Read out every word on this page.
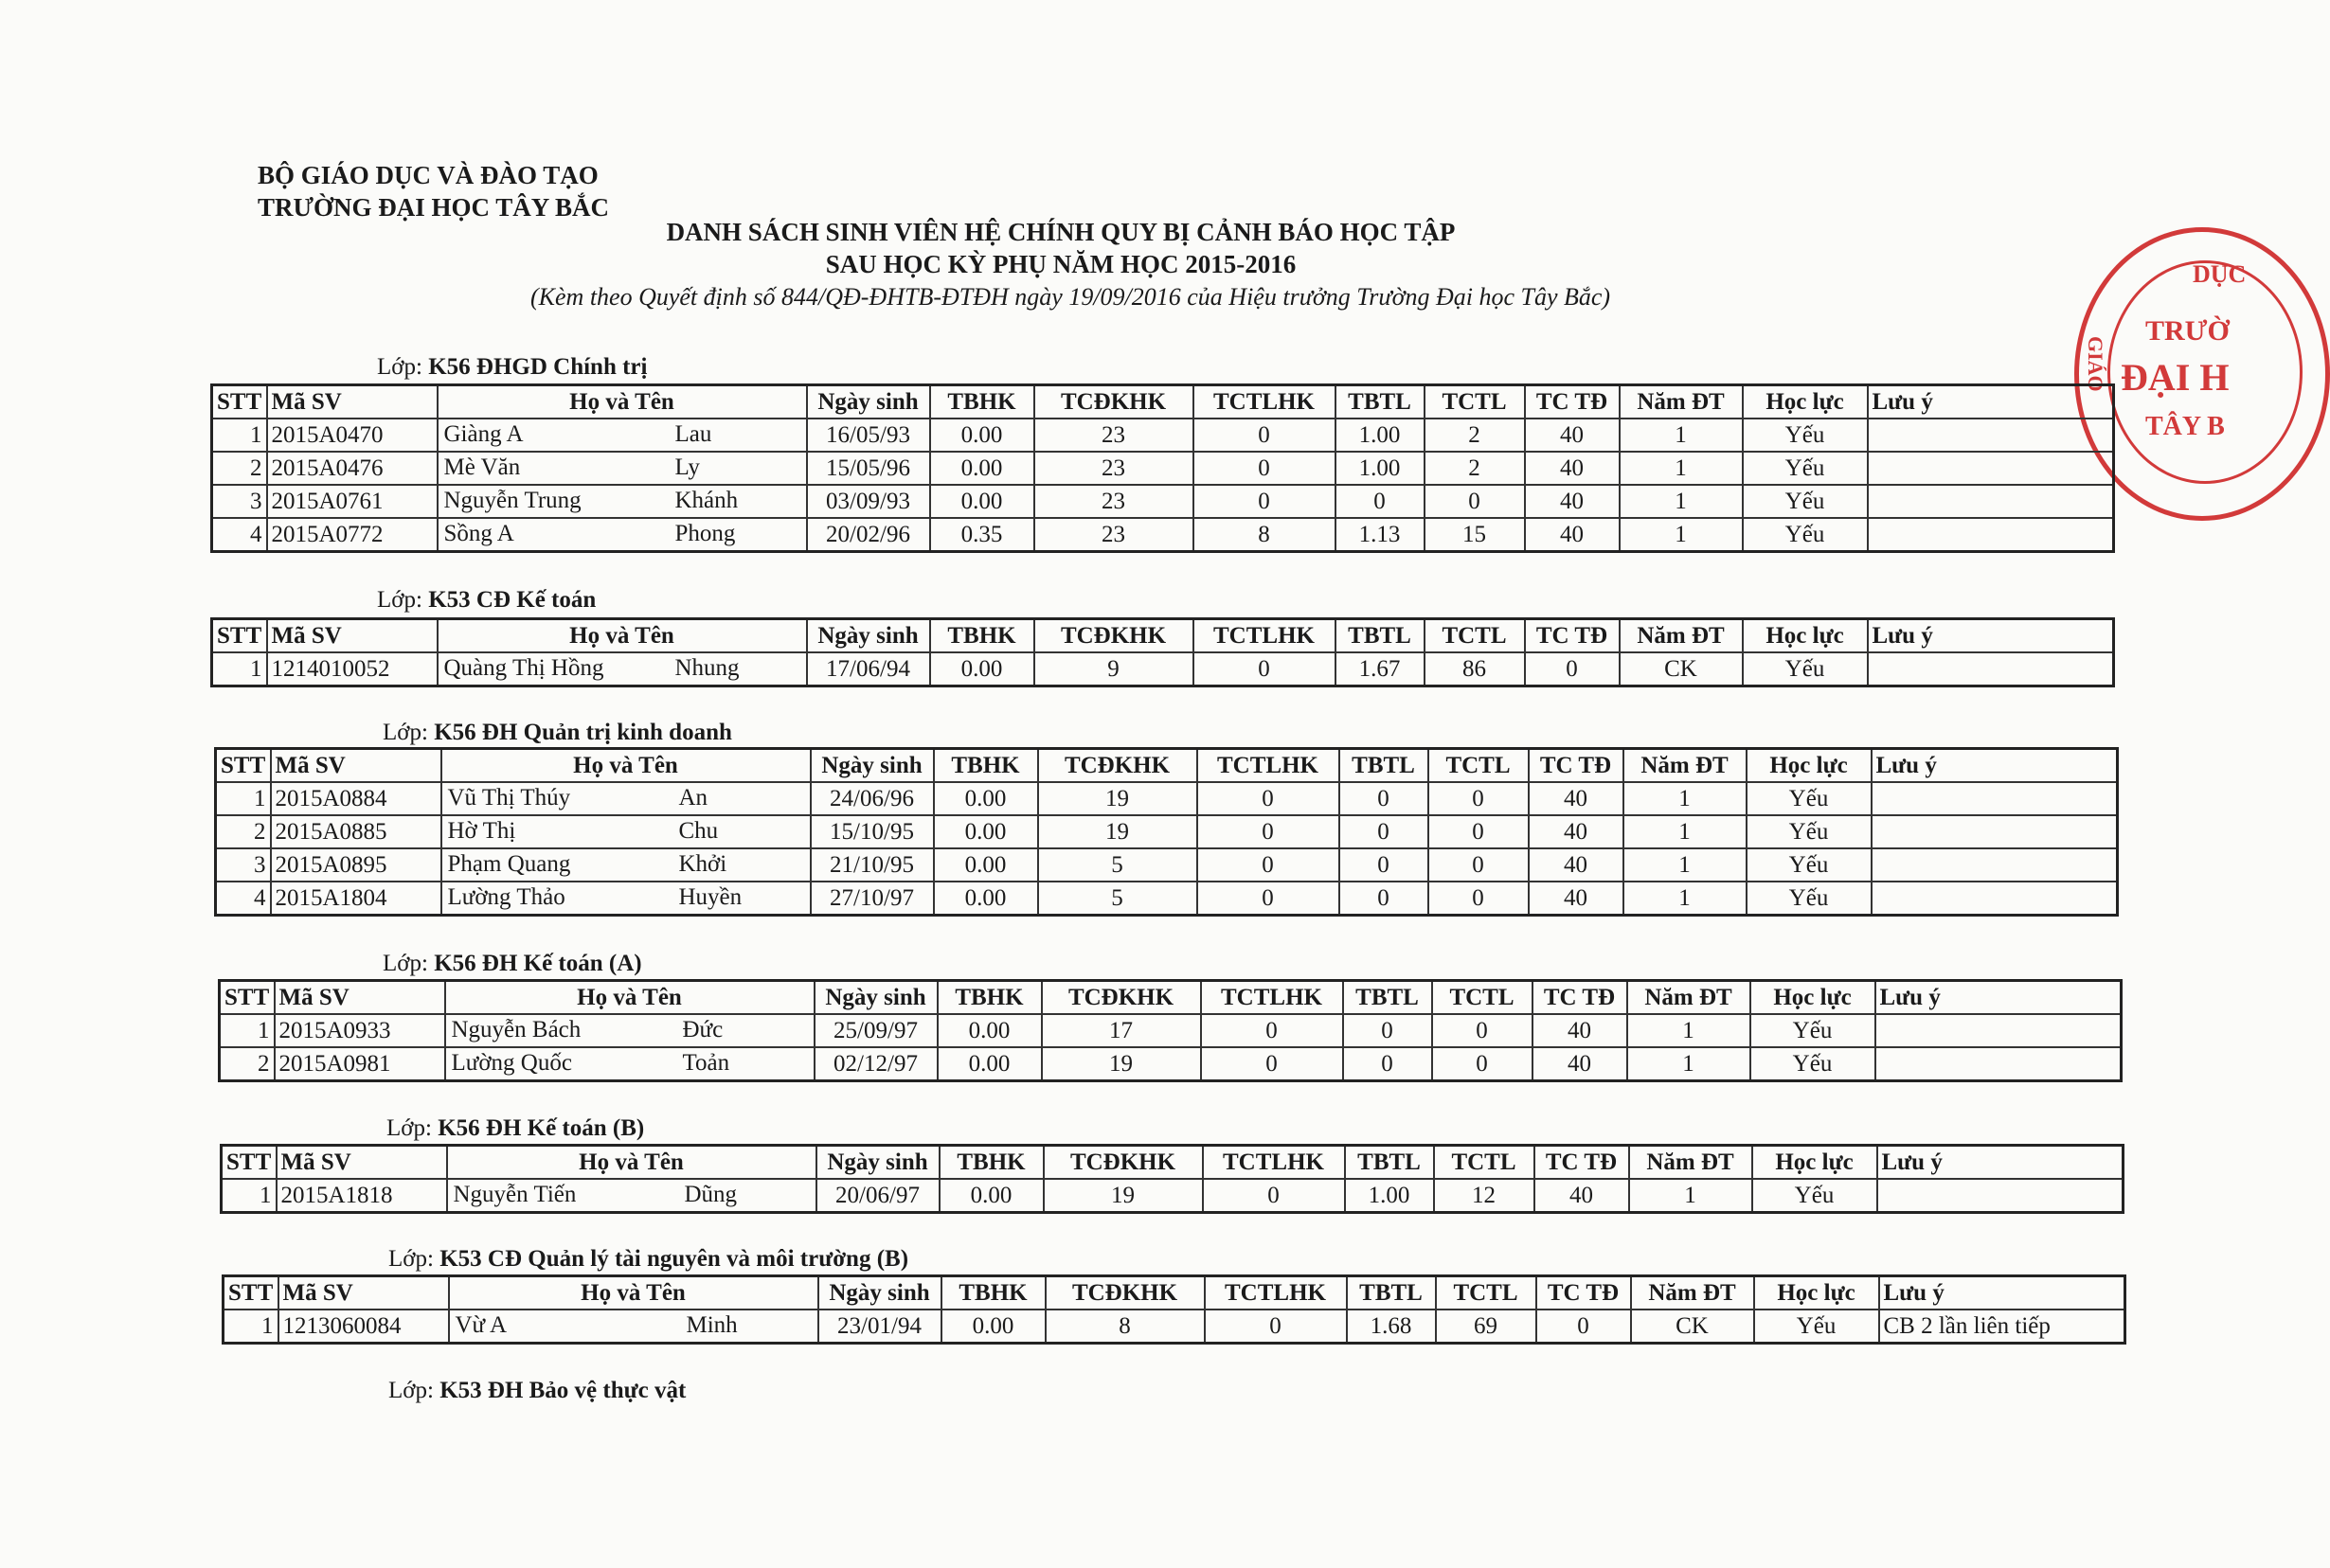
BỘ GIÁO DỤC VÀ ĐÀO TẠO
TRƯỜNG ĐẠI HỌC TÂY BẮC
DANH SÁCH SINH VIÊN HỆ CHÍNH QUY BỊ CẢNH BÁO HỌC TẬP
SAU HỌC KỲ PHỤ NĂM HỌC 2015-2016
(Kèm theo Quyết định số 844/QĐ-ĐHTB-ĐTĐH ngày 19/09/2016 của Hiệu trưởng Trường Đại học Tây Bắc)
DỤC
GIÁO
TRƯỜ
ĐẠI H
TÂY B
Lớp: K56 ĐHGD Chính trị
STT	Mã SV	Họ và Tên	Ngày sinh	TBHK	TCĐKHK	TCTLHK	TBTL	TCTL	TC TĐ	Năm ĐT	Học lực	Lưu ý
1	2015A0470	Giàng A Lau	16/05/93	0.00	23	0	1.00	2	40	1	Yếu	
2	2015A0476	Mè Văn Ly	15/05/96	0.00	23	0	1.00	2	40	1	Yếu	
3	2015A0761	Nguyễn Trung Khánh	03/09/93	0.00	23	0	0	0	40	1	Yếu	
4	2015A0772	Sồng A Phong	20/02/96	0.35	23	8	1.13	15	40	1	Yếu	
Lớp: K53 CĐ Kế toán
STT	Mã SV	Họ và Tên	Ngày sinh	TBHK	TCĐKHK	TCTLHK	TBTL	TCTL	TC TĐ	Năm ĐT	Học lực	Lưu ý
1	1214010052	Quàng Thị Hồng Nhung	17/06/94	0.00	9	0	1.67	86	0	CK	Yếu	
Lớp: K56 ĐH Quản trị kinh doanh
STT	Mã SV	Họ và Tên	Ngày sinh	TBHK	TCĐKHK	TCTLHK	TBTL	TCTL	TC TĐ	Năm ĐT	Học lực	Lưu ý
1	2015A0884	Vũ Thị Thúy An	24/06/96	0.00	19	0	0	0	40	1	Yếu	
2	2015A0885	Hờ Thị Chu	15/10/95	0.00	19	0	0	0	40	1	Yếu	
3	2015A0895	Phạm Quang Khởi	21/10/95	0.00	5	0	0	0	40	1	Yếu	
4	2015A1804	Lường Thảo Huyền	27/10/97	0.00	5	0	0	0	40	1	Yếu	
Lớp: K56 ĐH Kế toán (A)
STT	Mã SV	Họ và Tên	Ngày sinh	TBHK	TCĐKHK	TCTLHK	TBTL	TCTL	TC TĐ	Năm ĐT	Học lực	Lưu ý
1	2015A0933	Nguyễn Bách Đức	25/09/97	0.00	17	0	0	0	40	1	Yếu	
2	2015A0981	Lường Quốc Toản	02/12/97	0.00	19	0	0	0	40	1	Yếu	
Lớp: K56 ĐH Kế toán (B)
STT	Mã SV	Họ và Tên	Ngày sinh	TBHK	TCĐKHK	TCTLHK	TBTL	TCTL	TC TĐ	Năm ĐT	Học lực	Lưu ý
1	2015A1818	Nguyễn Tiến Dũng	20/06/97	0.00	19	0	1.00	12	40	1	Yếu	
Lớp: K53 CĐ Quản lý tài nguyên và môi trường (B)
STT	Mã SV	Họ và Tên	Ngày sinh	TBHK	TCĐKHK	TCTLHK	TBTL	TCTL	TC TĐ	Năm ĐT	Học lực	Lưu ý
1	1213060084	Vừ A Minh	23/01/94	0.00	8	0	1.68	69	0	CK	Yếu	CB 2 lần liên tiếp
Lớp: K53 ĐH Bảo vệ thực vật
